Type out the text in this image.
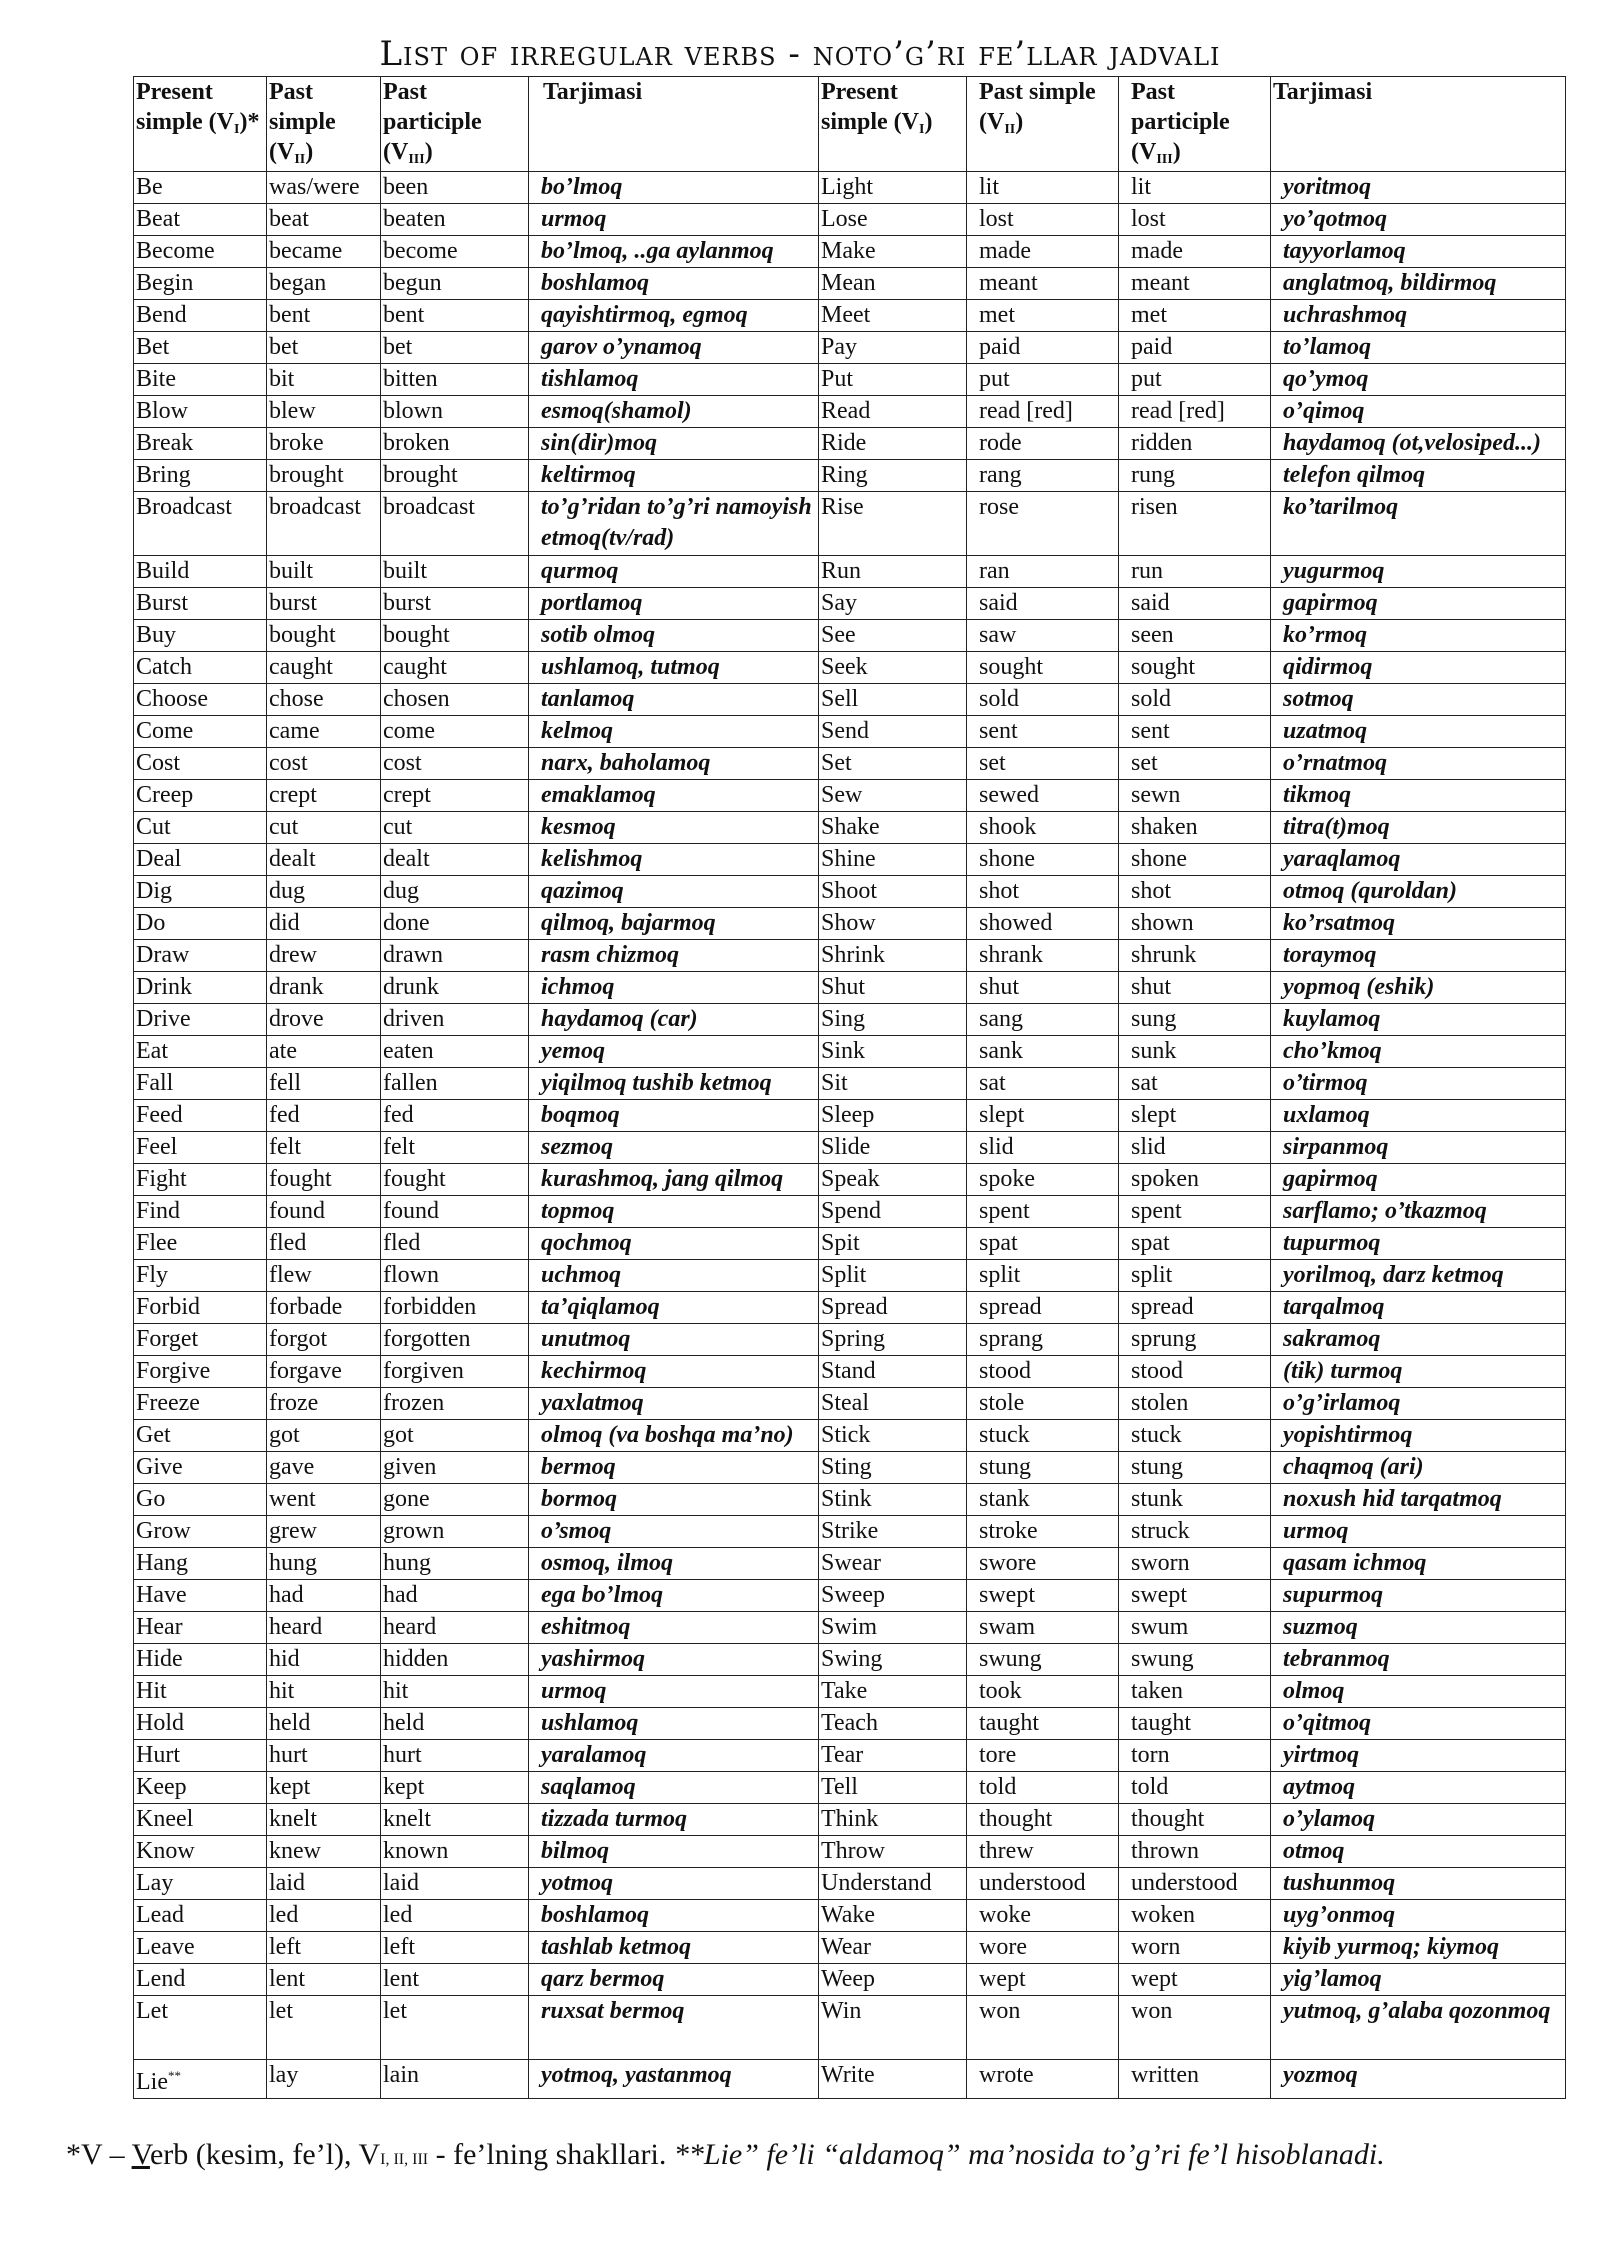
List of irregular verbs - noto’g’ri fe’llar jadvali
Present simple $(V_I)*$	Past simple $(V_{II})$	Past participle $(V_{III})$	Tarjimasi	Present simple $(V_I)$	Past simple $(V_{II})$	Past participle $(V_{III})$	Tarjimasi
Be	was/were	been	bo’lmoq	Light	lit	lit	yoritmoq
Beat	beat	beaten	urmoq	Lose	lost	lost	yo’qotmoq
Become	became	become	bo’lmoq, ..ga aylanmoq	Make	made	made	tayyorlamoq
Begin	began	begun	boshlamoq	Mean	meant	meant	anglatmoq, bildirmoq
Bend	bent	bent	qayishtirmoq, egmoq	Meet	met	met	uchrashmoq
Bet	bet	bet	garov o’ynamoq	Pay	paid	paid	to’lamoq
Bite	bit	bitten	tishlamoq	Put	put	put	qo’ymoq
Blow	blew	blown	esmoq(shamol)	Read	read [red]	read [red]	o’qimoq
Break	broke	broken	sin(dir)moq	Ride	rode	ridden	haydamoq (ot,velosiped...)
Bring	brought	brought	keltirmoq	Ring	rang	rung	telefon qilmoq
Broadcast	broadcast	broadcast	to’g’ridan to’g’ri namoyish etmoq(tv/rad)	Rise	rose	risen	ko’tarilmoq
Build	built	built	qurmoq	Run	ran	run	yugurmoq
Burst	burst	burst	portlamoq	Say	said	said	gapirmoq
Buy	bought	bought	sotib olmoq	See	saw	seen	ko’rmoq
Catch	caught	caught	ushlamoq, tutmoq	Seek	sought	sought	qidirmoq
Choose	chose	chosen	tanlamoq	Sell	sold	sold	sotmoq
Come	came	come	kelmoq	Send	sent	sent	uzatmoq
Cost	cost	cost	narx, baholamoq	Set	set	set	o’rnatmoq
Creep	crept	crept	emaklamoq	Sew	sewed	sewn	tikmoq
Cut	cut	cut	kesmoq	Shake	shook	shaken	titra(t)moq
Deal	dealt	dealt	kelishmoq	Shine	shone	shone	yaraqlamoq
Dig	dug	dug	qazimoq	Shoot	shot	shot	otmoq (quroldan)
Do	did	done	qilmoq, bajarmoq	Show	showed	shown	ko’rsatmoq
Draw	drew	drawn	rasm chizmoq	Shrink	shrank	shrunk	toraymoq
Drink	drank	drunk	ichmoq	Shut	shut	shut	yopmoq (eshik)
Drive	drove	driven	haydamoq (car)	Sing	sang	sung	kuylamoq
Eat	ate	eaten	yemoq	Sink	sank	sunk	cho’kmoq
Fall	fell	fallen	yiqilmoq tushib ketmoq	Sit	sat	sat	o’tirmoq
Feed	fed	fed	boqmoq	Sleep	slept	slept	uxlamoq
Feel	felt	felt	sezmoq	Slide	slid	slid	sirpanmoq
Fight	fought	fought	kurashmoq, jang qilmoq	Speak	spoke	spoken	gapirmoq
Find	found	found	topmoq	Spend	spent	spent	sarflamo; o’tkazmoq
Flee	fled	fled	qochmoq	Spit	spat	spat	tupurmoq
Fly	flew	flown	uchmoq	Split	split	split	yorilmoq, darz ketmoq
Forbid	forbade	forbidden	ta’qiqlamoq	Spread	spread	spread	tarqalmoq
Forget	forgot	forgotten	unutmoq	Spring	sprang	sprung	sakramoq
Forgive	forgave	forgiven	kechirmoq	Stand	stood	stood	(tik) turmoq
Freeze	froze	frozen	yaxlatmoq	Steal	stole	stolen	o’g’irlamoq
Get	got	got	olmoq (va boshqa ma’no)	Stick	stuck	stuck	yopishtirmoq
Give	gave	given	bermoq	Sting	stung	stung	chaqmoq (ari)
Go	went	gone	bormoq	Stink	stank	stunk	noxush hid tarqatmoq
Grow	grew	grown	o’smoq	Strike	stroke	struck	urmoq
Hang	hung	hung	osmoq, ilmoq	Swear	swore	sworn	qasam ichmoq
Have	had	had	ega bo’lmoq	Sweep	swept	swept	supurmoq
Hear	heard	heard	eshitmoq	Swim	swam	swum	suzmoq
Hide	hid	hidden	yashirmoq	Swing	swung	swung	tebranmoq
Hit	hit	hit	urmoq	Take	took	taken	olmoq
Hold	held	held	ushlamoq	Teach	taught	taught	o’qitmoq
Hurt	hurt	hurt	yaralamoq	Tear	tore	torn	yirtmoq
Keep	kept	kept	saqlamoq	Tell	told	told	aytmoq
Kneel	knelt	knelt	tizzada turmoq	Think	thought	thought	o’ylamoq
Know	knew	known	bilmoq	Throw	threw	thrown	otmoq
Lay	laid	laid	yotmoq	Understand	understood	understood	tushunmoq
Lead	led	led	boshlamoq	Wake	woke	woken	uyg’onmoq
Leave	left	left	tashlab ketmoq	Wear	wore	worn	kiyib yurmoq; kiymoq
Lend	lent	lent	qarz bermoq	Weep	wept	wept	yig’lamoq
Let	let	let	ruxsat bermoq	Win	won	won	yutmoq, g’alaba qozonmoq
Lie**	lay	lain	yotmoq, yastanmoq	Write	wrote	written	yozmoq
*V – Verb (kesim, fe’l), VI, II, III - fe’lning shakllari. **Lie” fe’li “aldamoq” ma’nosida to’g’ri fe’l hisoblanadi.
